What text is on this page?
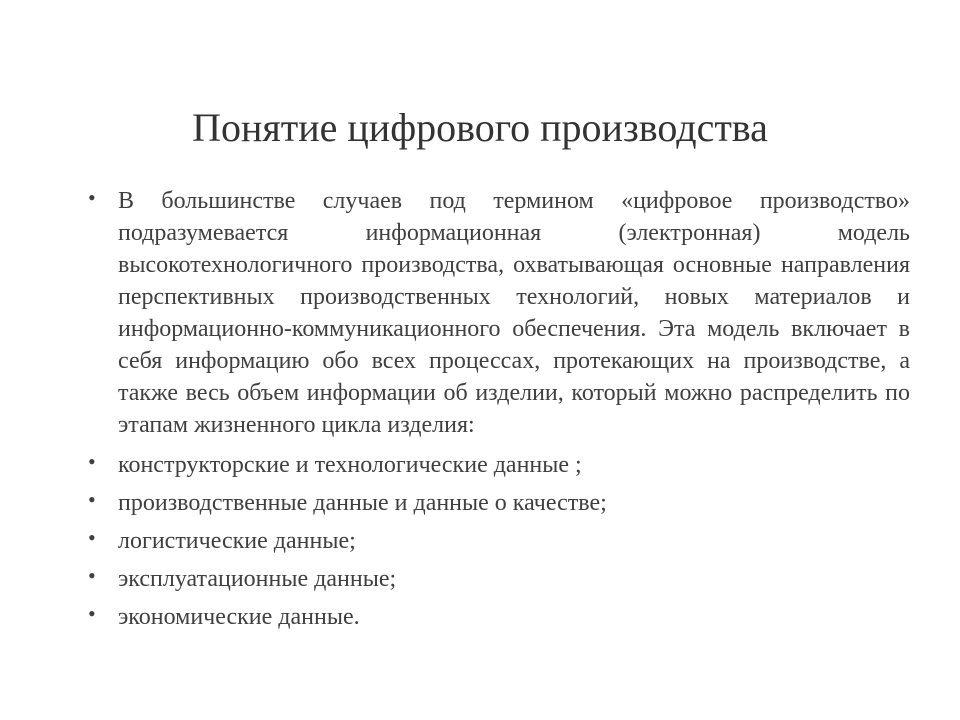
Понятие цифрового производства
• В большинстве случаев под термином «цифровое производство» подразумевается информационная (электронная) модель высокотехнологичного производства, охватывающая основные направления перспективных производственных технологий, новых материалов и информационно-коммуникационного обеспечения. Эта модель включает в себя информацию обо всех процессах, протекающих на производстве, а также весь объем информации об изделии, который можно распределить по этапам жизненного цикла изделия:
• конструкторские и технологические данные ;
• производственные данные и данные о качестве;
• логистические данные;
• эксплуатационные данные;
• экономические данные.
